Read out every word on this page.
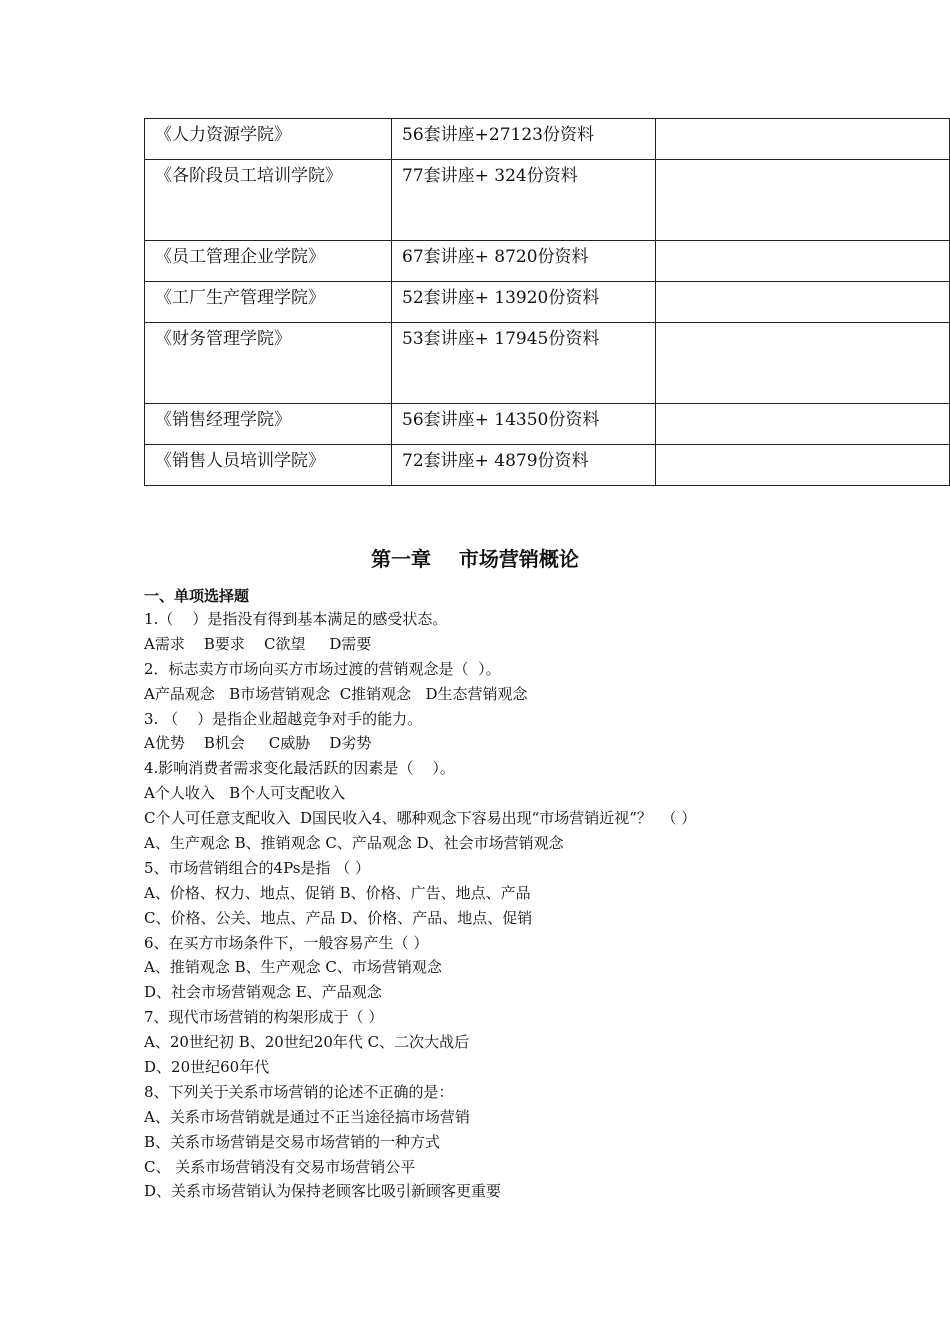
《人力资源学院》	56套讲座+27123份资料	

《各阶段员工培训学院》	77套讲座+ 324份资料	

《员工管理企业学院》	67套讲座+ 8720份资料	

《工厂生产管理学院》	52套讲座+ 13920份资料	

《财务管理学院》	53套讲座+ 17945份资料	

《销售经理学院》	56套讲座+ 14350份资料	

《销售人员培训学院》	72套讲座+ 4879份资料	

第一章    市场营销概论
一、单项选择题
1.（    ）是指没有得到基本满足的感受状态。
A需求    B要求    C欲望     D需要
2．标志卖方市场向买方市场过渡的营销观念是（  ）。
A产品观念   B市场营销观念  C推销观念   D生态营销观念
3. （    ）是指企业超越竞争对手的能力。
A优势    B机会     C威胁    D劣势
4.影响消费者需求变化最活跃的因素是（    ）。
A个人收入   B个人可支配收入
C个人可任意支配收入  D国民收入4、哪种观念下容易出现“市场营销近视”？  （ ）
A、生产观念 B、推销观念 C、产品观念 D、社会市场营销观念
5、市场营销组合的4Ps是指 （ ）
A、价格、权力、地点、促销 B、价格、广告、地点、产品
C、价格、公关、地点、产品 D、价格、产品、地点、促销
6、在买方市场条件下，一般容易产生（ ）
A、推销观念 B、生产观念 C、市场营销观念
D、社会市场营销观念 E、产品观念
7、现代市场营销的构架形成于（ ）
A、20世纪初 B、20世纪20年代 C、二次大战后
D、20世纪60年代
8、下列关于关系市场营销的论述不正确的是：
A、关系市场营销就是通过不正当途径搞市场营销
B、关系市场营销是交易市场营销的一种方式
C、 关系市场营销没有交易市场营销公平
D、关系市场营销认为保持老顾客比吸引新顾客更重要
